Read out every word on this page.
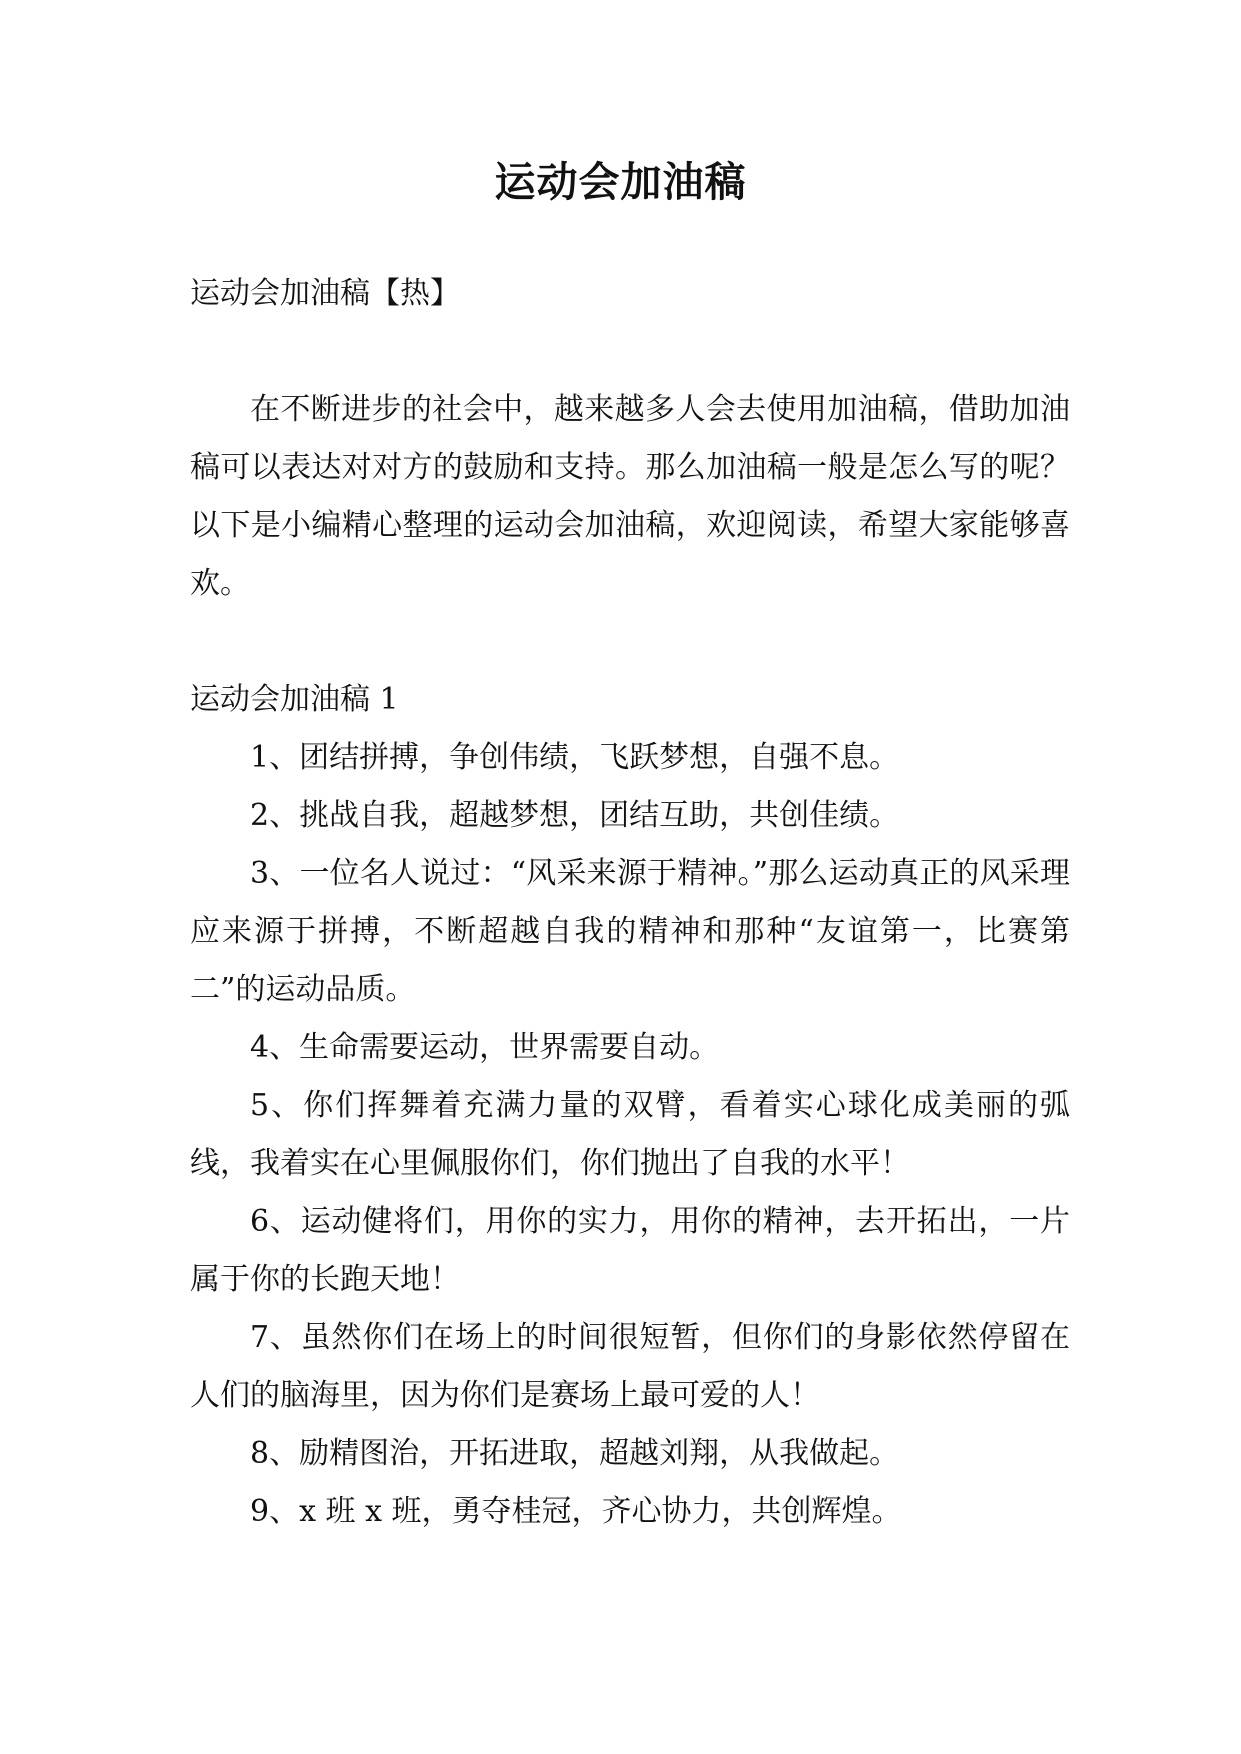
运动会加油稿

运动会加油稿【热】

在不断进步的社会中，越来越多人会去使用加油稿，借助加油稿可以表达对对方的鼓励和支持。那么加油稿一般是怎么写的呢？以下是小编精心整理的运动会加油稿，欢迎阅读，希望大家能够喜欢。

运动会加油稿 1

1、团结拼搏，争创伟绩，飞跃梦想，自强不息。

2、挑战自我，超越梦想，团结互助，共创佳绩。

3、一位名人说过：“风采来源于精神。”那么运动真正的风采理应来源于拼搏，不断超越自我的精神和那种“友谊第一，比赛第二”的运动品质。

4、生命需要运动，世界需要自动。

5、你们挥舞着充满力量的双臂，看着实心球化成美丽的弧线，我着实在心里佩服你们，你们抛出了自我的水平！

6、运动健将们，用你的实力，用你的精神，去开拓出，一片属于你的长跑天地！

7、虽然你们在场上的时间很短暂，但你们的身影依然停留在人们的脑海里，因为你们是赛场上最可爱的人！

8、励精图治，开拓进取，超越刘翔，从我做起。

9、x 班 x 班，勇夺桂冠，齐心协力，共创辉煌。
